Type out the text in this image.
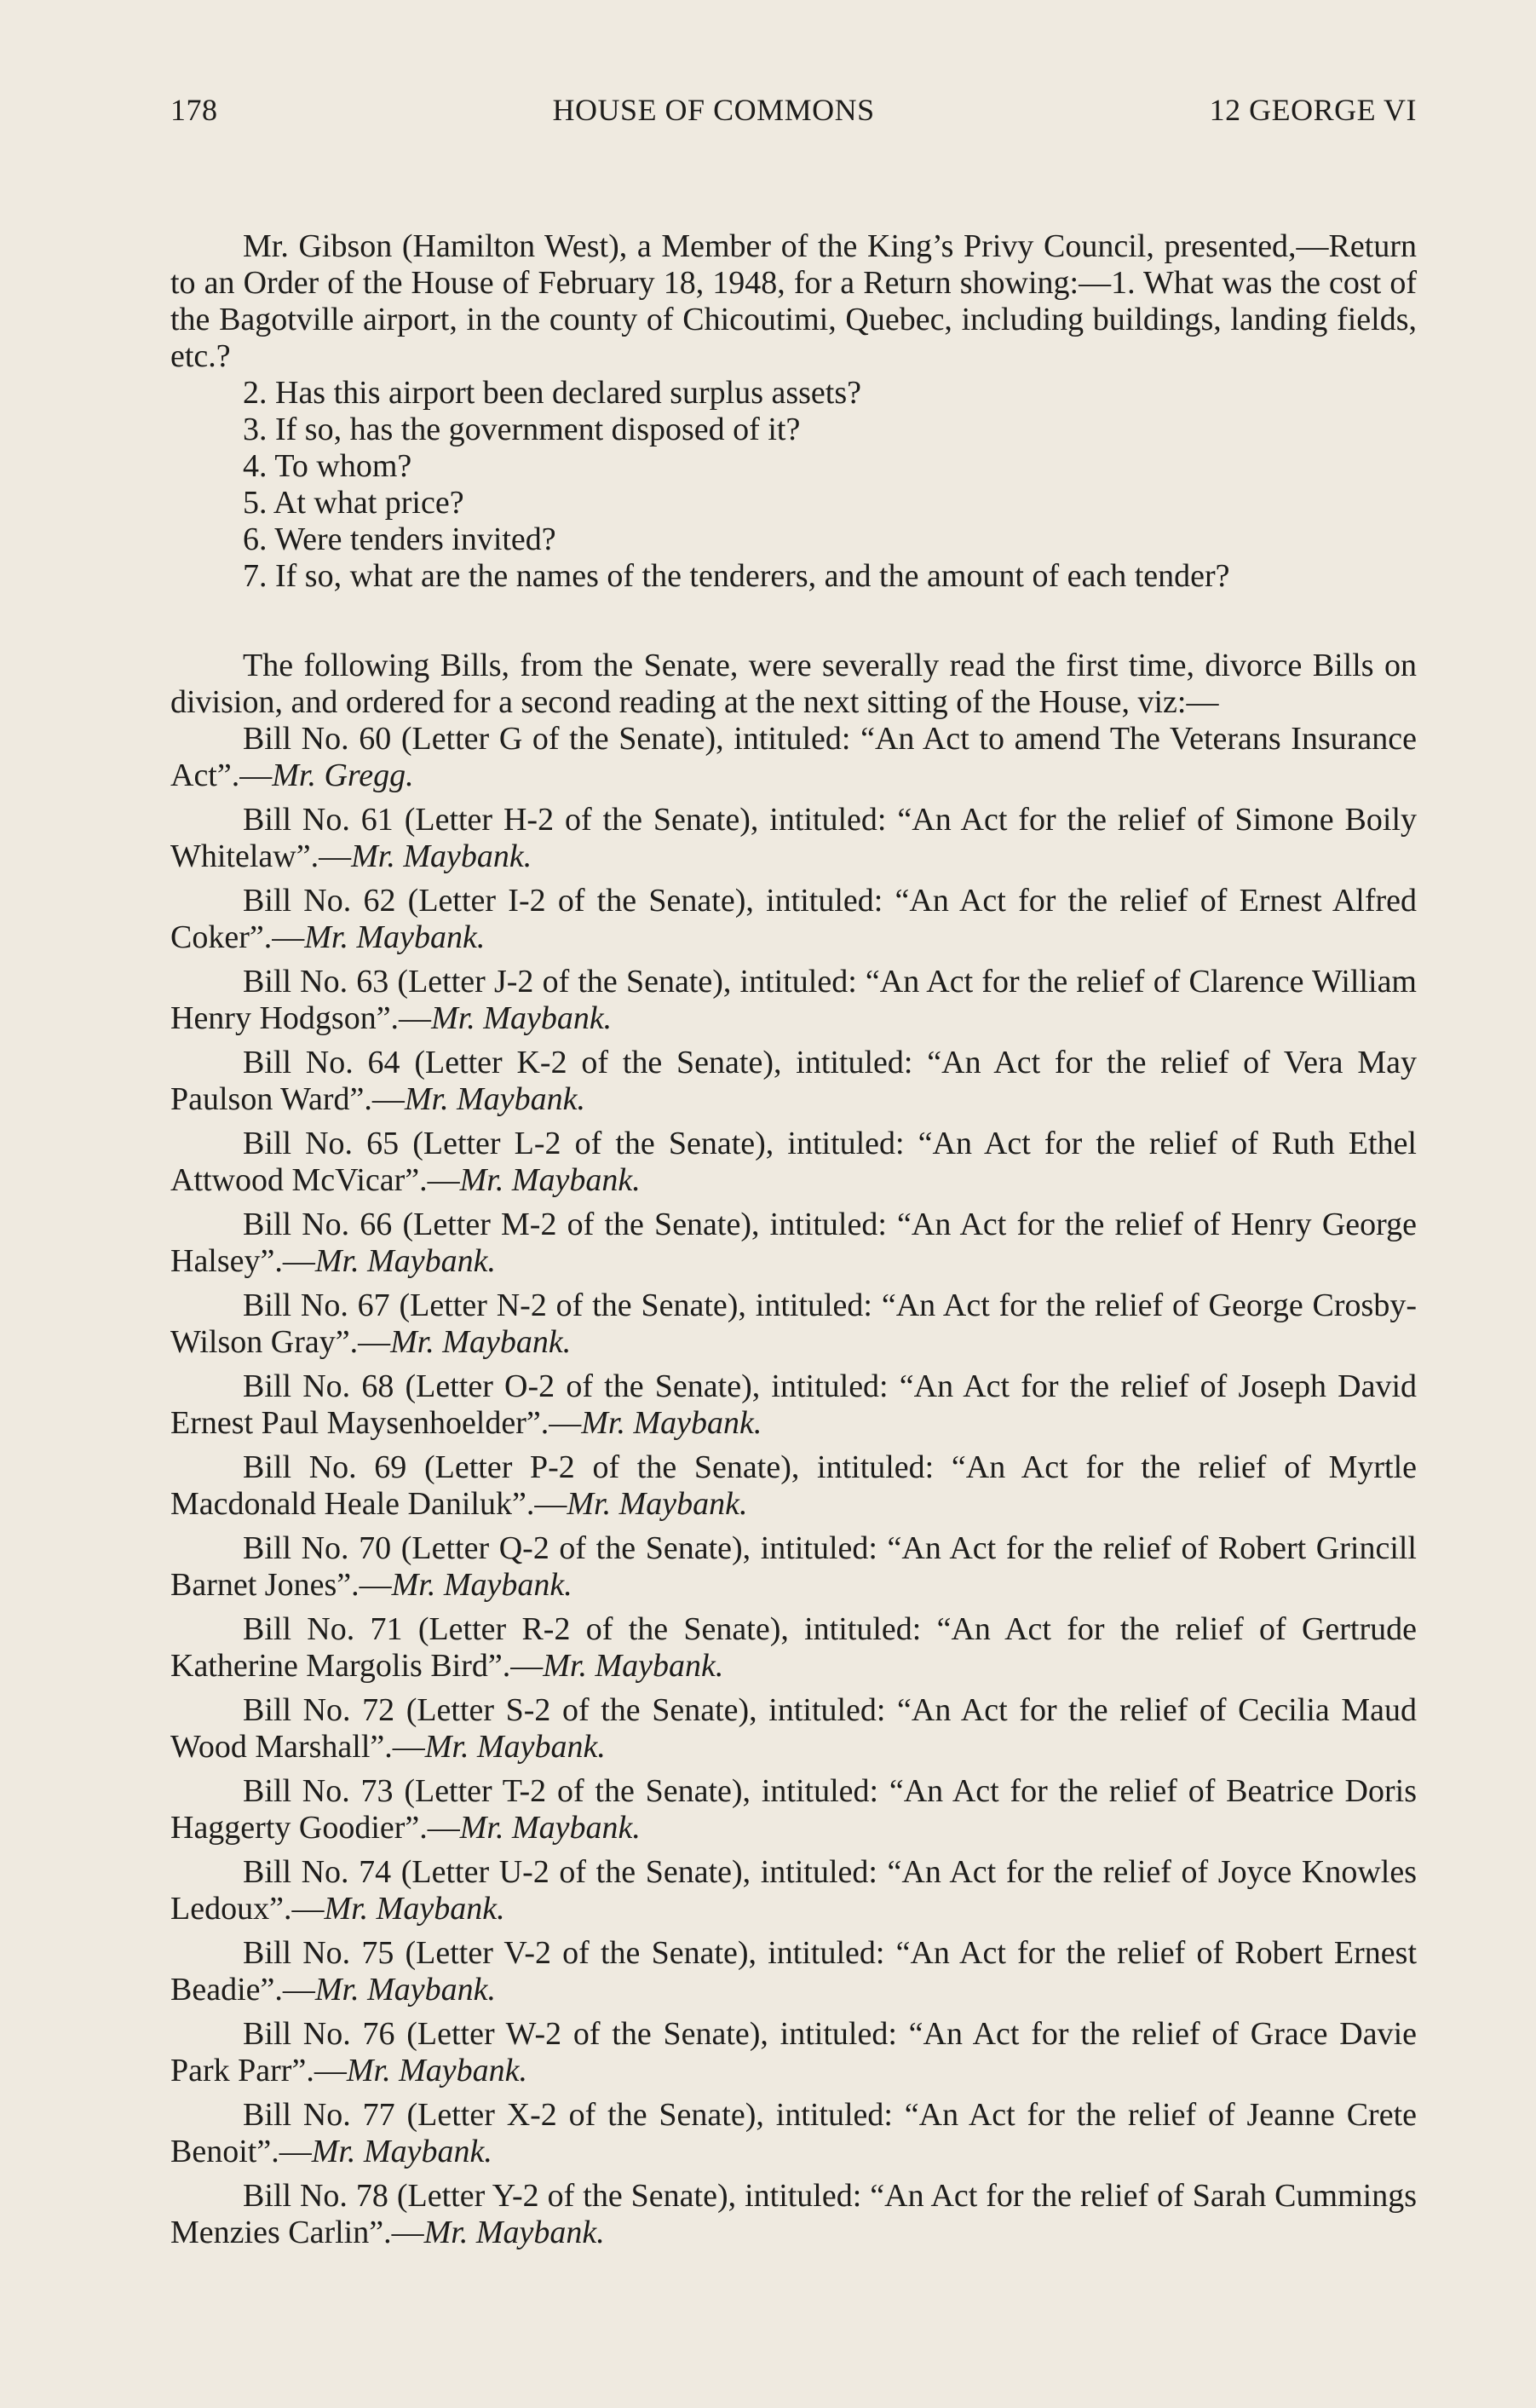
178	HOUSE OF COMMONS	12 GEORGE VI

Mr. Gibson (Hamilton West), a Member of the King’s Privy Council, presented,—Return to an Order of the House of February 18, 1948, for a Return showing:—1. What was the cost of the Bagotville airport, in the county of Chicoutimi, Quebec, including buildings, landing fields, etc.?

2. Has this airport been declared surplus assets?

3. If so, has the government disposed of it?

4. To whom?

5. At what price?

6. Were tenders invited?

7. If so, what are the names of the tenderers, and the amount of each tender?

The following Bills, from the Senate, were severally read the first time, divorce Bills on division, and ordered for a second reading at the next sitting of the House, viz:—

Bill No. 60 (Letter G of the Senate), intituled: “An Act to amend The Veterans Insurance Act”.—Mr. Gregg.

Bill No. 61 (Letter H-2 of the Senate), intituled: “An Act for the relief of Simone Boily Whitelaw”.—Mr. Maybank.

Bill No. 62 (Letter I-2 of the Senate), intituled: “An Act for the relief of Ernest Alfred Coker”.—Mr. Maybank.

Bill No. 63 (Letter J-2 of the Senate), intituled: “An Act for the relief of Clarence William Henry Hodgson”.—Mr. Maybank.

Bill No. 64 (Letter K-2 of the Senate), intituled: “An Act for the relief of Vera May Paulson Ward”.—Mr. Maybank.

Bill No. 65 (Letter L-2 of the Senate), intituled: “An Act for the relief of Ruth Ethel Attwood McVicar”.—Mr. Maybank.

Bill No. 66 (Letter M-2 of the Senate), intituled: “An Act for the relief of Henry George Halsey”.—Mr. Maybank.

Bill No. 67 (Letter N-2 of the Senate), intituled: “An Act for the relief of George Crosby-Wilson Gray”.—Mr. Maybank.

Bill No. 68 (Letter O-2 of the Senate), intituled: “An Act for the relief of Joseph David Ernest Paul Maysenhoelder”.—Mr. Maybank.

Bill No. 69 (Letter P-2 of the Senate), intituled: “An Act for the relief of Myrtle Macdonald Heale Daniluk”.—Mr. Maybank.

Bill No. 70 (Letter Q-2 of the Senate), intituled: “An Act for the relief of Robert Grincill Barnet Jones”.—Mr. Maybank.

Bill No. 71 (Letter R-2 of the Senate), intituled: “An Act for the relief of Gertrude Katherine Margolis Bird”.—Mr. Maybank.

Bill No. 72 (Letter S-2 of the Senate), intituled: “An Act for the relief of Cecilia Maud Wood Marshall”.—Mr. Maybank.

Bill No. 73 (Letter T-2 of the Senate), intituled: “An Act for the relief of Beatrice Doris Haggerty Goodier”.—Mr. Maybank.

Bill No. 74 (Letter U-2 of the Senate), intituled: “An Act for the relief of Joyce Knowles Ledoux”.—Mr. Maybank.

Bill No. 75 (Letter V-2 of the Senate), intituled: “An Act for the relief of Robert Ernest Beadie”.—Mr. Maybank.

Bill No. 76 (Letter W-2 of the Senate), intituled: “An Act for the relief of Grace Davie Park Parr”.—Mr. Maybank.

Bill No. 77 (Letter X-2 of the Senate), intituled: “An Act for the relief of Jeanne Crete Benoit”.—Mr. Maybank.

Bill No. 78 (Letter Y-2 of the Senate), intituled: “An Act for the relief of Sarah Cummings Menzies Carlin”.—Mr. Maybank.
